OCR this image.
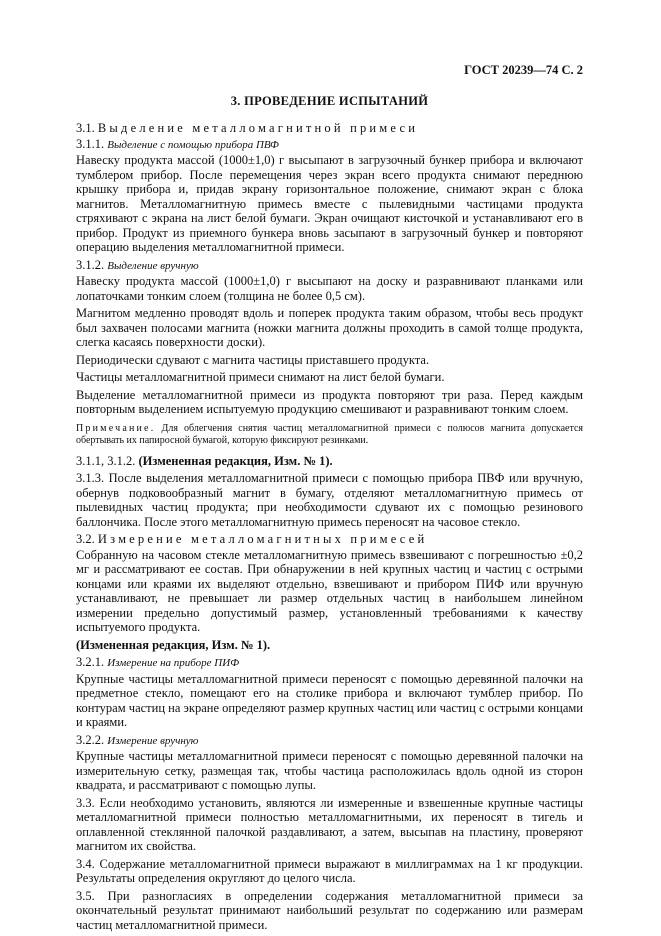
ГОСТ 20239—74 С. 2
3. ПРОВЕДЕНИЕ ИСПЫТАНИЙ
3.1. Выделение металломагнитной примеси
3.1.1. Выделение с помощью прибора ПВФ

Навеску продукта массой (1000±1,0) г высыпают в загрузочный бункер прибора и включают тумблером прибор. После перемещения через экран всего продукта снимают переднюю крышку прибора и, придав экрану горизонтальное положение, снимают экран с блока магнитов. Металломагнитную примесь вместе с пылевидными частицами продукта стряхивают с экрана на лист белой бумаги. Экран очищают кисточкой и устанавливают его в прибор. Продукт из приемного бункера вновь засыпают в загрузочный бункер и повторяют операцию выделения металломагнитной примеси.

3.1.2. Выделение вручную

Навеску продукта массой (1000±1,0) г высыпают на доску и разравнивают планками или лопаточками тонким слоем (толщина не более 0,5 см).

Магнитом медленно проводят вдоль и поперек продукта таким образом, чтобы весь продукт был захвачен полосами магнита (ножки магнита должны проходить в самой толще продукта, слегка касаясь поверхности доски).

Периодически сдувают с магнита частицы приставшего продукта.

Частицы металломагнитной примеси снимают на лист белой бумаги.

Выделение металломагнитной примеси из продукта повторяют три раза. Перед каждым повторным выделением испытуемую продукцию смешивают и разравнивают тонким слоем.

Примечание. Для облегчения снятия частиц металломагнитной примеси с полюсов магнита допускается обертывать их папиросной бумагой, которую фиксируют резинками.

3.1.1, 3.1.2. (Измененная редакция, Изм. № 1).

3.1.3. После выделения металломагнитной примеси с помощью прибора ПВФ или вручную, обернув подковообразный магнит в бумагу, отделяют металломагнитную примесь от пылевидных частиц продукта; при необходимости сдувают их с помощью резинового баллончика. После этого металломагнитную примесь переносят на часовое стекло.

3.2. Измерение металломагнитных примесей

Собранную на часовом стекле металломагнитную примесь взвешивают с погрешностью ±0,2 мг и рассматривают ее состав. При обнаружении в ней крупных частиц и частиц с острыми концами или краями их выделяют отдельно, взвешивают и прибором ПИФ или вручную устанавливают, не превышает ли размер отдельных частиц в наибольшем линейном измерении предельно допустимый размер, установленный требованиями к качеству испытуемого продукта.

(Измененная редакция, Изм. № 1).

3.2.1. Измерение на приборе ПИФ

Крупные частицы металломагнитной примеси переносят с помощью деревянной палочки на предметное стекло, помещают его на столике прибора и включают тумблер прибор. По контурам частиц на экране определяют размер крупных частиц или частиц с острыми концами и краями.

3.2.2. Измерение вручную

Крупные частицы металломагнитной примеси переносят с помощью деревянной палочки на измерительную сетку, размещая так, чтобы частица расположилась вдоль одной из сторон квадрата, и рассматривают с помощью лупы.

3.3. Если необходимо установить, являются ли измеренные и взвешенные крупные частицы металломагнитной примеси полностью металломагнитными, их переносят в тигель и оплавленной стеклянной палочкой раздавливают, а затем, высыпав на пластину, проверяют магнитом их свойства.

3.4. Содержание металломагнитной примеси выражают в миллиграммах на 1 кг продукции. Результаты определения округляют до целого числа.

3.5. При разногласиях в определении содержания металломагнитной примеси за окончательный результат принимают наибольший результат по содержанию или размерам частиц металломагнитной примеси.
